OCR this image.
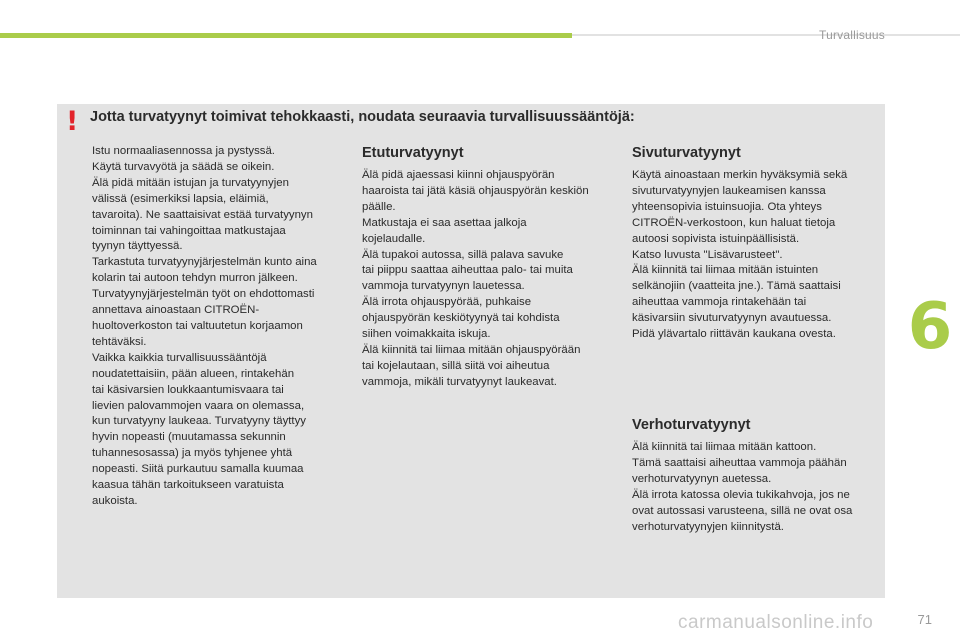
Turvallisuus
6
! Jotta turvatyynyt toimivat tehokkaasti, noudata seuraavia turvallisuussääntöjä:
Istu normaaliasennossa ja pystyssä.
Käytä turvavyötä ja säädä se oikein.
Älä pidä mitään istujan ja turvatyynyjen
välissä (esimerkiksi lapsia, eläimiä,
tavaroita). Ne saattaisivat estää turvatyynyn
toiminnan tai vahingoittaa matkustajaa
tyynyn täyttyessä.
Tarkastuta turvatyynyjärjestelmän kunto aina
kolarin tai autoon tehdyn murron jälkeen.
Turvatyynyjärjestelmän työt on ehdottomasti
annettava ainoastaan CITROËN-
huoltoverkoston tai valtuutetun korjaamon
tehtäväksi.
Vaikka kaikkia turvallisuussääntöjä
noudatettaisiin, pään alueen, rintakehän
tai käsivarsien loukkaantumisvaara tai
lievien palovammojen vaara on olemassa,
kun turvatyyny laukeaa. Turvatyyny täyttyy
hyvin nopeasti (muutamassa sekunnin
tuhannesosassa) ja myös tyhjenee yhtä
nopeasti. Siitä purkautuu samalla kuumaa
kaasua tähän tarkoitukseen varatuista
aukoista.
Etuturvatyynyt
Älä pidä ajaessasi kiinni ohjauspyörän
haaroista tai jätä käsiä ohjauspyörän keskiön
päälle.
Matkustaja ei saa asettaa jalkoja
kojelaudalle.
Älä tupakoi autossa, sillä palava savuke
tai piippu saattaa aiheuttaa palo- tai muita
vammoja turvatyynyn lauetessa.
Älä irrota ohjauspyörää, puhkaise
ohjauspyörän keskiötyynyä tai kohdista
siihen voimakkaita iskuja.
Älä kiinnitä tai liimaa mitään ohjauspyörään
tai kojelautaan, sillä siitä voi aiheutua
vammoja, mikäli turvatyynyt laukeavat.
Sivuturvatyynyt
Käytä ainoastaan merkin hyväksymiä sekä
sivuturvatyynyjen laukeamisen kanssa
yhteensopivia istuinsuojia. Ota yhteys
CITROËN-verkostoon, kun haluat tietoja
autoosi sopivista istuinpäällisistä.
Katso luvusta "Lisävarusteet".
Älä kiinnitä tai liimaa mitään istuinten
selkänojiin (vaatteita jne.). Tämä saattaisi
aiheuttaa vammoja rintakehään tai
käsivarsiin sivuturvatyynyn avautuessa.
Pidä ylävartalo riittävän kaukana ovesta.
Verhoturvatyynyt
Älä kiinnitä tai liimaa mitään kattoon.
Tämä saattaisi aiheuttaa vammoja päähän
verhoturvatyynyn auetessa.
Älä irrota katossa olevia tukikahvoja, jos ne
ovat autossasi varusteena, sillä ne ovat osa
verhoturvatyynyjen kiinnitystä.
carmanualsonline.info	71
